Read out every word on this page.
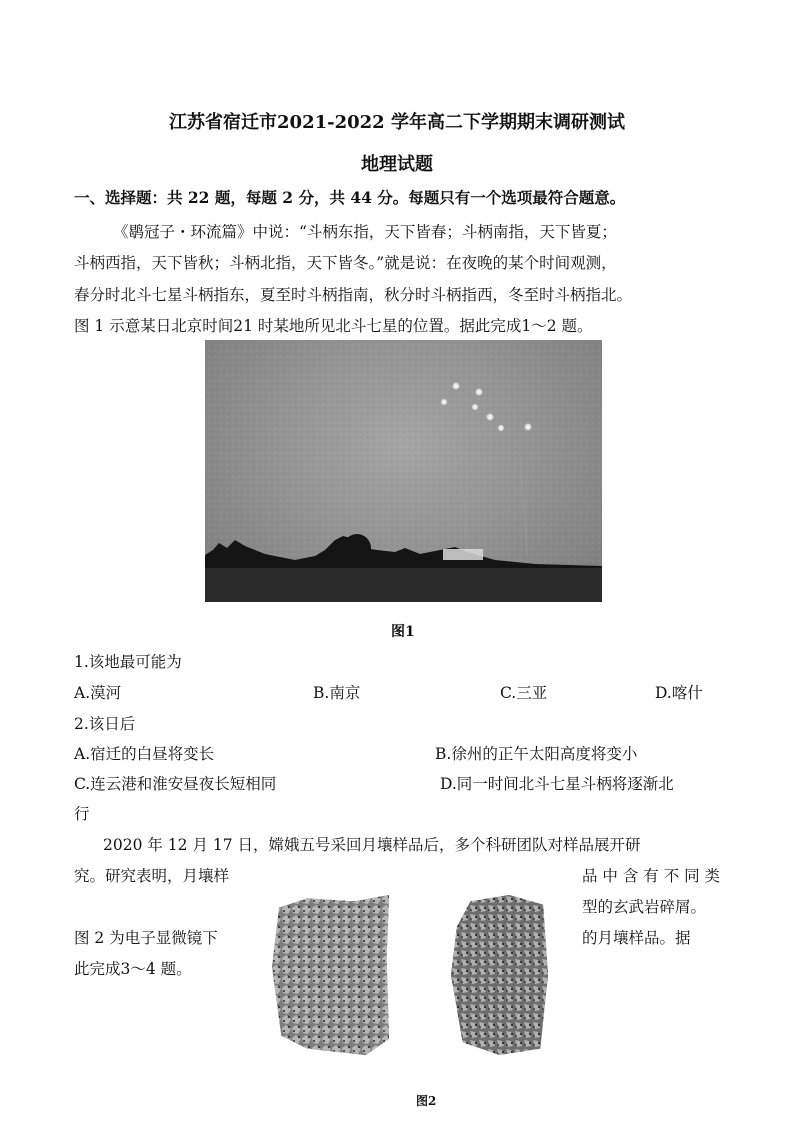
江苏省宿迁市2021-2022 学年高二下学期期末调研测试
地理试题
一、选择题：共 22 题，每题 2 分，共 44 分。每题只有一个选项最符合题意。
《鹖冠子・环流篇》中说：“斗柄东指，天下皆春；斗柄南指，天下皆夏；
斗柄西指，天下皆秋；斗柄北指，天下皆冬。”就是说：在夜晚的某个时间观测，
春分时北斗七星斗柄指东，夏至时斗柄指南，秋分时斗柄指西，冬至时斗柄指北。
图 1 示意某日北京时间21 时某地所见北斗七星的位置。据此完成1～2 题。
图1
1.该地最可能为
A.漠河	B.南京	C.三亚	D.喀什
2.该日后
A.宿迁的白昼将变长	B.徐州的正午太阳高度将变小
C.连云港和淮安昼夜长短相同	D.同一时间北斗七星斗柄将逐渐北
行
2020 年 12 月 17 日，嫦娥五号采回月壤样品后，多个科研团队对样品展开研
究。研究表明，月壤样	品 中 含 有 不 同 类
型的玄武岩碎屑。
图 2 为电子显微镜下	的月壤样品。据
此完成3～4 题。
图2
